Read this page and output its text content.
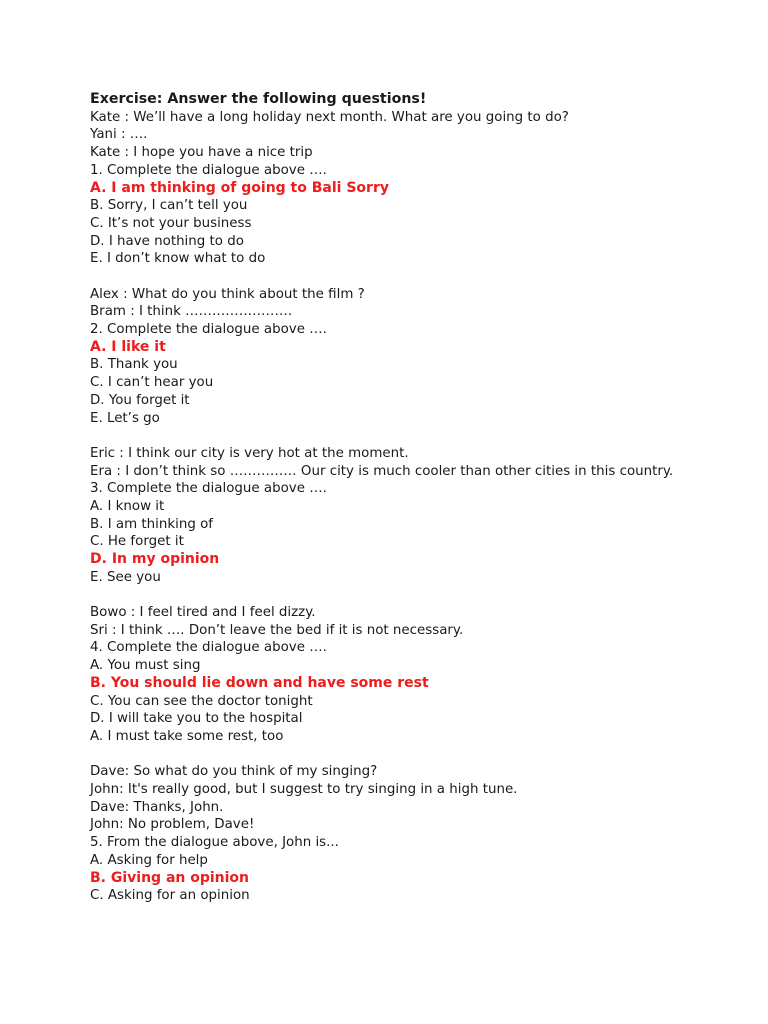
Exercise: Answer the following questions!
Kate : We’ll have a long holiday next month. What are you going to do?
Yani : ….
Kate : I hope you have a nice trip
1. Complete the dialogue above ….
A. I am thinking of going to Bali Sorry
B. Sorry, I can’t tell you
C. It’s not your business
D. I have nothing to do
E. I don’t know what to do
Alex : What do you think about the film ?
Bram : I think ……………………
2. Complete the dialogue above ….
A. I like it
B. Thank you
C. I can’t hear you
D. You forget it
E. Let’s go
Eric : I think our city is very hot at the moment.
Era : I don’t think so …………… Our city is much cooler than other cities in this country.
3. Complete the dialogue above ….
A. I know it
B. I am thinking of
C. He forget it
D. In my opinion
E. See you
Bowo : I feel tired and I feel dizzy.
Sri : I think …. Don’t leave the bed if it is not necessary.
4. Complete the dialogue above ….
A. You must sing
B. You should lie down and have some rest
C. You can see the doctor tonight
D. I will take you to the hospital
A. I must take some rest, too
Dave: So what do you think of my singing?
John: It's really good, but I suggest to try singing in a high tune.
Dave: Thanks, John.
John: No problem, Dave!
5. From the dialogue above, John is...
A. Asking for help
B. Giving an opinion
C. Asking for an opinion
